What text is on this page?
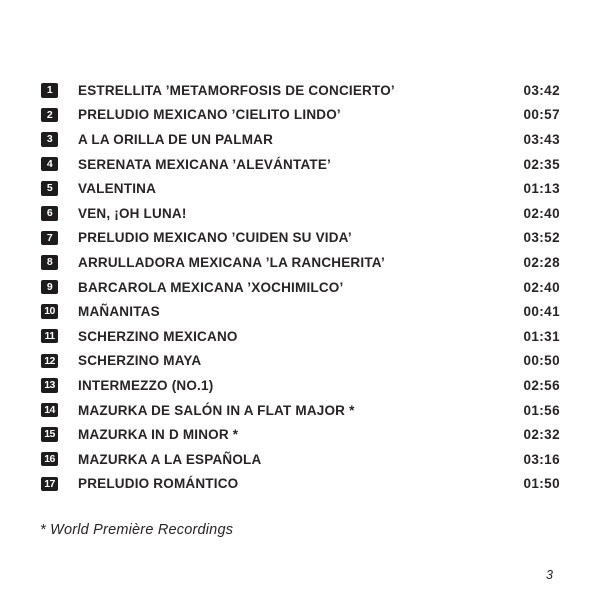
1	ESTRELLITA ’METAMORFOSIS DE CONCIERTO’	03:42
2	PRELUDIO MEXICANO ’CIELITO LINDO’	00:57
3	A LA ORILLA DE UN PALMAR	03:43
4	SERENATA MEXICANA ’ALEVÁNTATE’	02:35
5	VALENTINA	01:13
6	VEN, ¡OH LUNA!	02:40
7	PRELUDIO MEXICANO ’CUIDEN SU VIDA’	03:52
8	ARRULLADORA MEXICANA ’LA RANCHERITA’	02:28
9	BARCAROLA MEXICANA ’XOCHIMILCO’	02:40
10 MAÑANITAS	00:41
11 SCHERZINO MEXICANO	01:31
12 SCHERZINO MAYA	00:50
13 INTERMEZZO (NO.1)	02:56
14 MAZURKA DE SALÓN IN A FLAT MAJOR *	01:56
15 MAZURKA IN D MINOR *	02:32
16 MAZURKA A LA ESPAÑOLA	03:16
17 PRELUDIO ROMÁNTICO	01:50
* World Première Recordings
3
